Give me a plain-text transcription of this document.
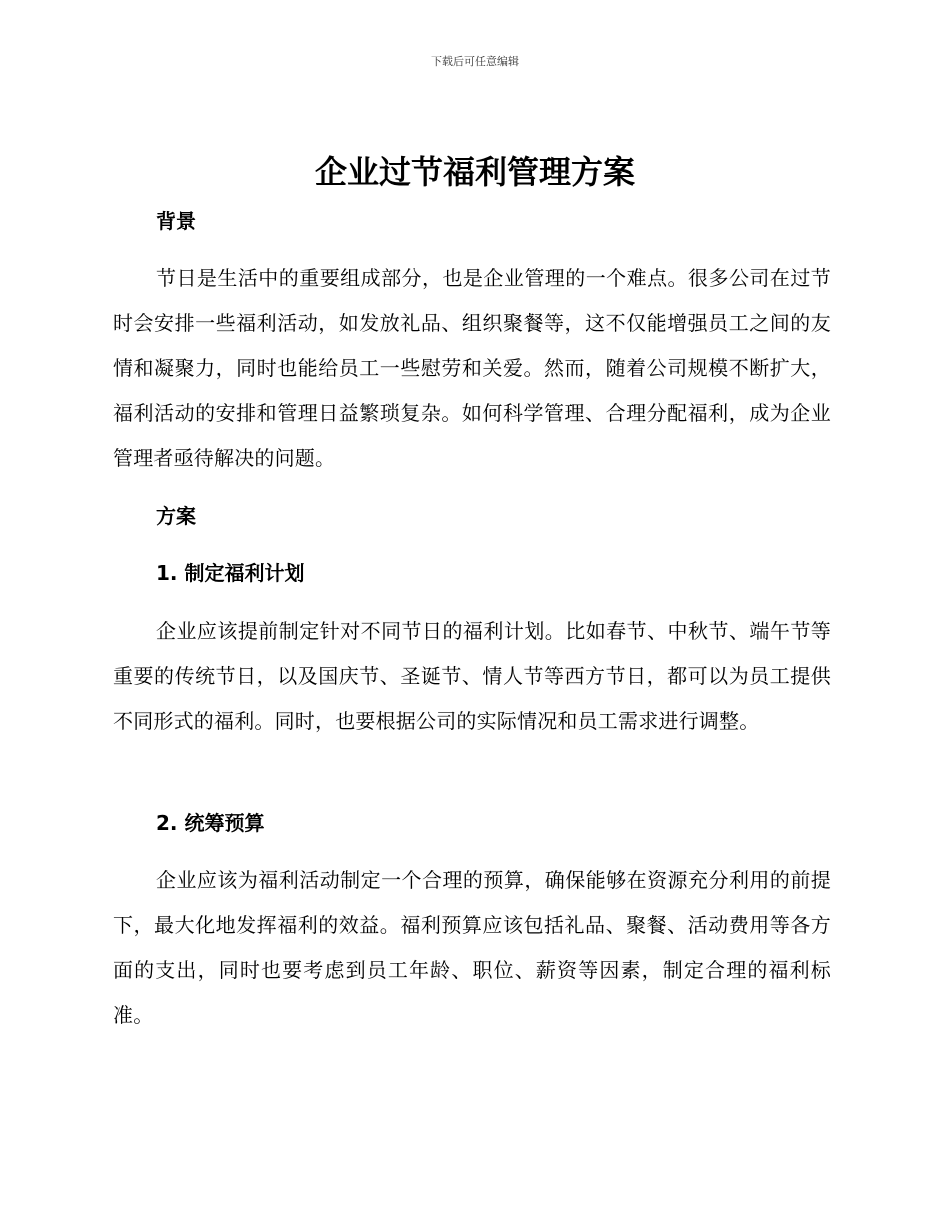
下载后可任意编辑
企业过节福利管理方案
背景

节日是生活中的重要组成部分，也是企业管理的一个难点。很多公司在过节时会安排一些福利活动，如发放礼品、组织聚餐等，这不仅能增强员工之间的友情和凝聚力，同时也能给员工一些慰劳和关爱。然而，随着公司规模不断扩大，福利活动的安排和管理日益繁琐复杂。如何科学管理、合理分配福利，成为企业管理者亟待解决的问题。

方案
1. 制定福利计划

企业应该提前制定针对不同节日的福利计划。比如春节、中秋节、端午节等重要的传统节日，以及国庆节、圣诞节、情人节等西方节日，都可以为员工提供不同形式的福利。同时，也要根据公司的实际情况和员工需求进行调整。

2. 统筹预算

企业应该为福利活动制定一个合理的预算，确保能够在资源充分利用的前提下，最大化地发挥福利的效益。福利预算应该包括礼品、聚餐、活动费用等各方面的支出，同时也要考虑到员工年龄、职位、薪资等因素，制定合理的福利标准。
